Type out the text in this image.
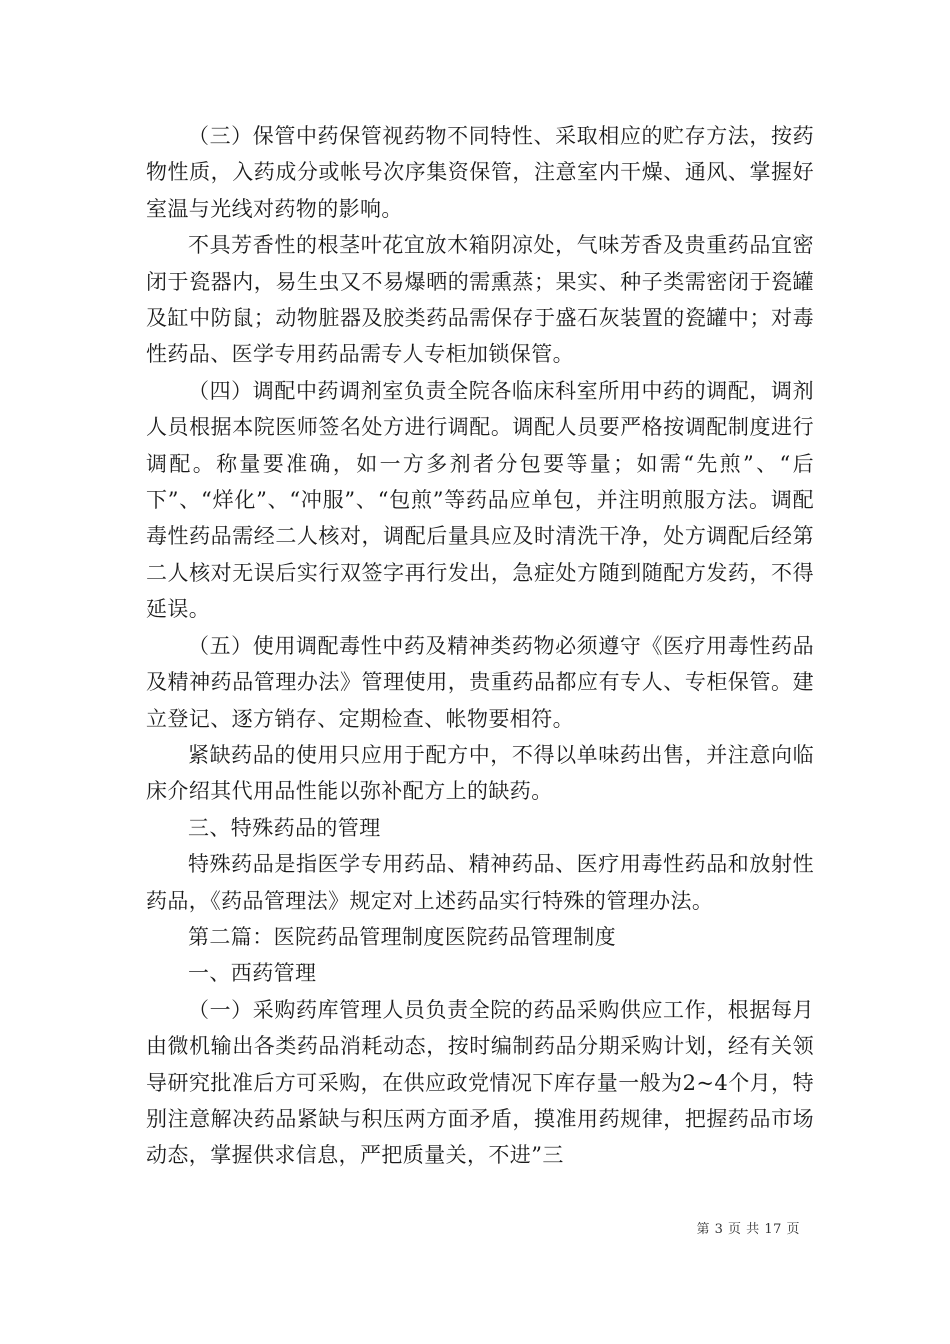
（三）保管中药保管视药物不同特性、采取相应的贮存方法，按药物性质，入药成分或帐号次序集资保管，注意室内干燥、通风、掌握好室温与光线对药物的影响。

不具芳香性的根茎叶花宜放木箱阴凉处，气味芳香及贵重药品宜密闭于瓷器内，易生虫又不易爆晒的需熏蒸；果实、种子类需密闭于瓷罐及缸中防鼠；动物脏器及胶类药品需保存于盛石灰装置的瓷罐中；对毒性药品、医学专用药品需专人专柜加锁保管。

（四）调配中药调剂室负责全院各临床科室所用中药的调配，调剂人员根据本院医师签名处方进行调配。调配人员要严格按调配制度进行调配。称量要准确，如一方多剂者分包要等量；如需“先煎”、“后下”、“烊化”、“冲服”、“包煎”等药品应单包，并注明煎服方法。调配毒性药品需经二人核对，调配后量具应及时清洗干净，处方调配后经第二人核对无误后实行双签字再行发出，急症处方随到随配方发药，不得延误。

（五）使用调配毒性中药及精神类药物必须遵守《医疗用毒性药品及精神药品管理办法》管理使用，贵重药品都应有专人、专柜保管。建立登记、逐方销存、定期检查、帐物要相符。

紧缺药品的使用只应用于配方中，不得以单味药出售，并注意向临床介绍其代用品性能以弥补配方上的缺药。

三、特殊药品的管理

特殊药品是指医学专用药品、精神药品、医疗用毒性药品和放射性药品，《药品管理法》规定对上述药品实行特殊的管理办法。

第二篇：医院药品管理制度医院药品管理制度

一、西药管理

（一）采购药库管理人员负责全院的药品采购供应工作，根据每月由微机输出各类药品消耗动态，按时编制药品分期采购计划，经有关领导研究批准后方可采购，在供应政党情况下库存量一般为2~4个月，特别注意解决药品紧缺与积压两方面矛盾，摸准用药规律，把握药品市场动态，掌握供求信息，严把质量关，不进”三

第 3 页 共 17 页
